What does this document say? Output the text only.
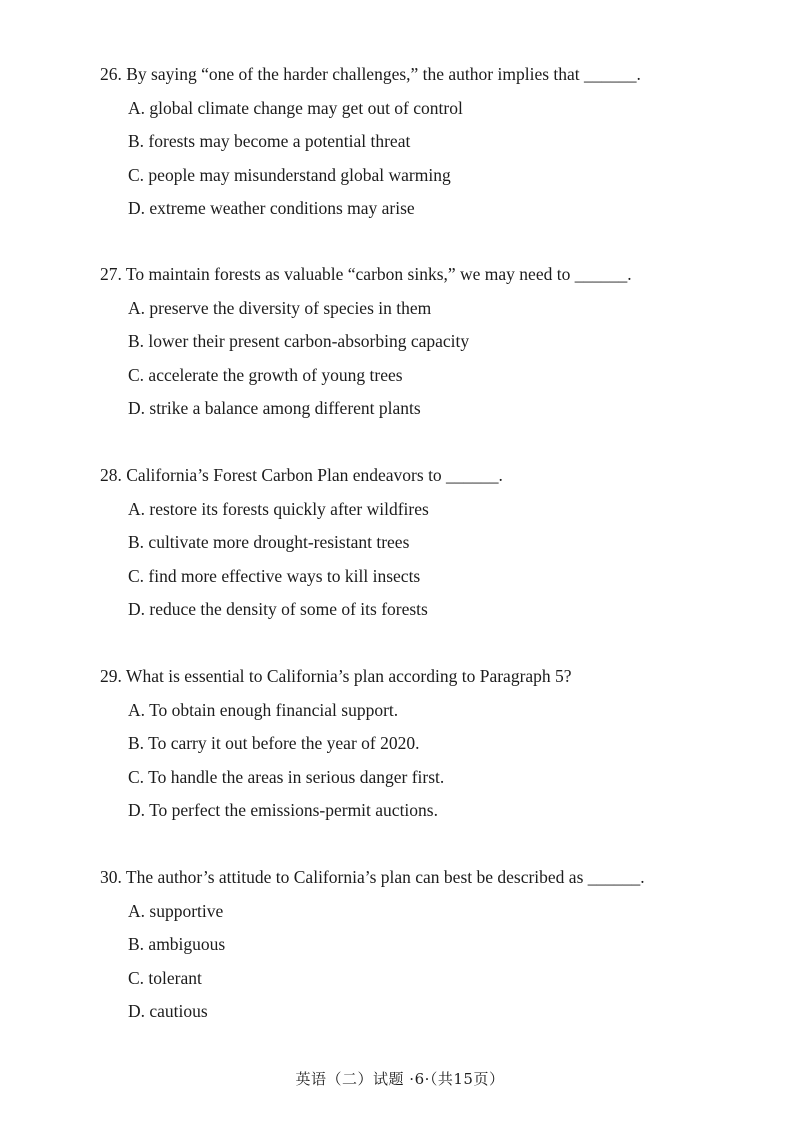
26. By saying “one of the harder challenges,” the author implies that ______.
A. global climate change may get out of control
B. forests may become a potential threat
C. people may misunderstand global warming
D. extreme weather conditions may arise
27. To maintain forests as valuable “carbon sinks,” we may need to ______.
A. preserve the diversity of species in them
B. lower their present carbon-absorbing capacity
C. accelerate the growth of young trees
D. strike a balance among different plants
28. California’s Forest Carbon Plan endeavors to ______.
A. restore its forests quickly after wildfires
B. cultivate more drought-resistant trees
C. find more effective ways to kill insects
D. reduce the density of some of its forests
29. What is essential to California’s plan according to Paragraph 5?
A. To obtain enough financial support.
B. To carry it out before the year of 2020.
C. To handle the areas in serious danger first.
D. To perfect the emissions-permit auctions.
30. The author’s attitude to California’s plan can best be described as ______.
A. supportive
B. ambiguous
C. tolerant
D. cautious
英语（二）试题 ·6·（共15页）
